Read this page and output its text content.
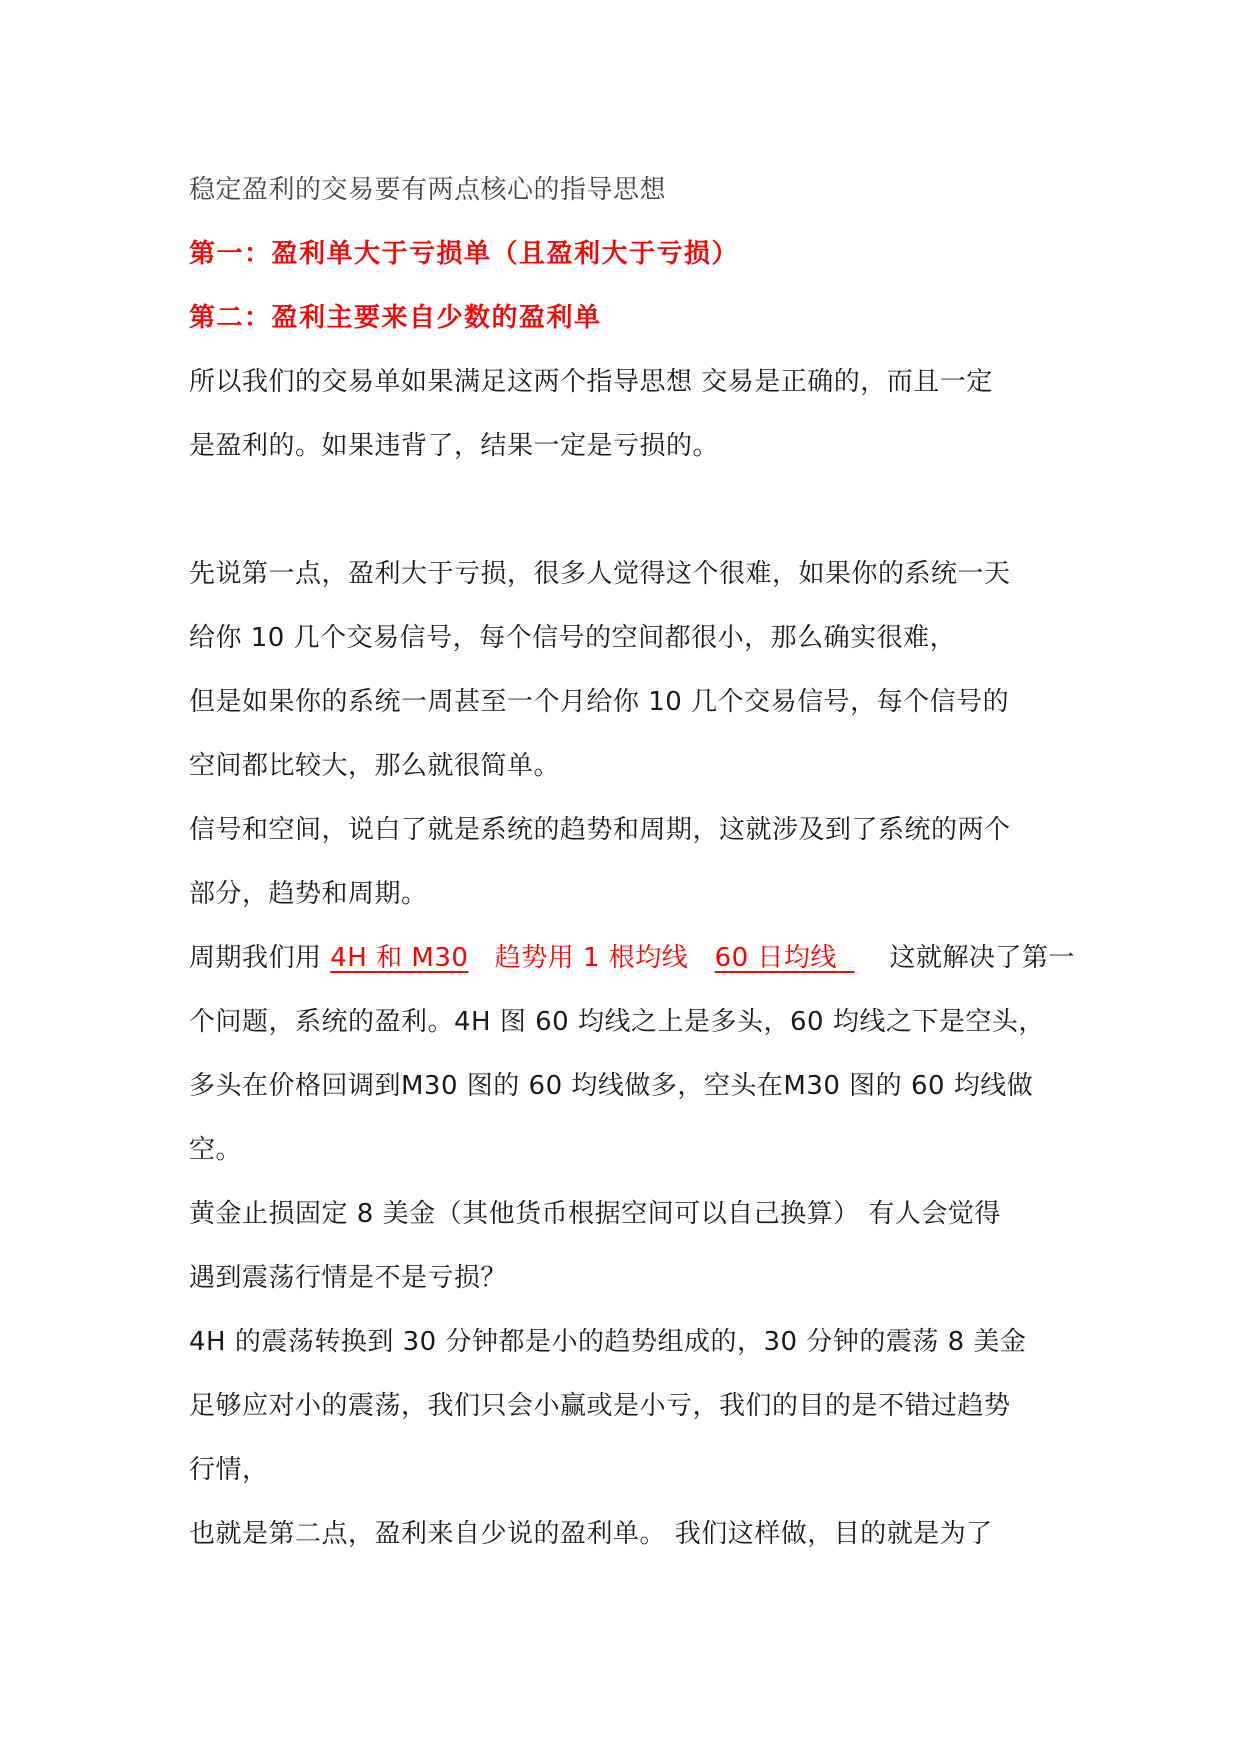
稳定盈利的交易要有两点核心的指导思想
第一：盈利单大于亏损单（且盈利大于亏损）
第二：盈利主要来自少数的盈利单
所以我们的交易单如果满足这两个指导思想 交易是正确的，而且一定
是盈利的。如果违背了，结果一定是亏损的。
先说第一点，盈利大于亏损，很多人觉得这个很难，如果你的系统一天
给你 10 几个交易信号，每个信号的空间都很小，那么确实很难，
但是如果你的系统一周甚至一个月给你 10 几个交易信号，每个信号的
空间都比较大，那么就很简单。
信号和空间，说白了就是系统的趋势和周期，这就涉及到了系统的两个
部分，趋势和周期。
周期我们用 4H 和 M30 趋势用 1 根均线 60 日均线 这就解决了第一
个问题，系统的盈利。4H 图 60 均线之上是多头，60 均线之下是空头，
多头在价格回调到M30 图的 60 均线做多，空头在M30 图的 60 均线做
空。
黄金止损固定 8 美金（其他货币根据空间可以自己换算） 有人会觉得
遇到震荡行情是不是亏损？
4H 的震荡转换到 30 分钟都是小的趋势组成的，30 分钟的震荡 8 美金
足够应对小的震荡，我们只会小赢或是小亏，我们的目的是不错过趋势
行情，
也就是第二点，盈利来自少说的盈利单。 我们这样做，目的就是为了
